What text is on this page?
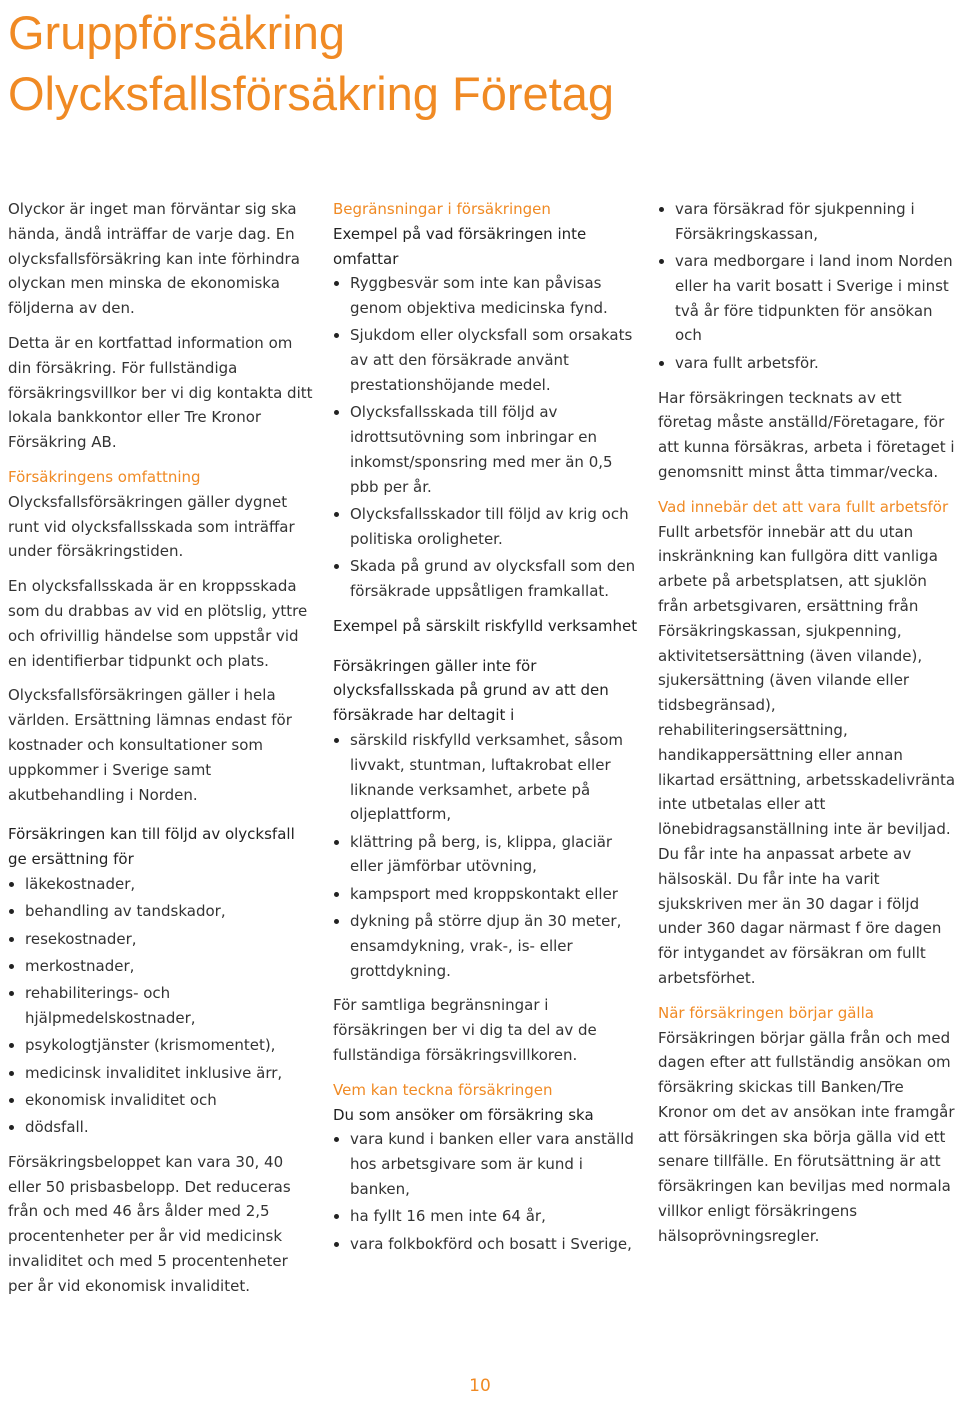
Gruppförsäkring
Olycksfallsförsäkring Företag

Olyckor är inget man förväntar sig ska hända, ändå inträffar de varje dag. En olycksfallsförsäkring kan inte förhindra olyckan men minska de ekonomiska följderna av den.

Detta är en kortfattad information om din försäkring. För fullständiga försäkringsvillkor ber vi dig kontakta ditt lokala bankkontor eller Tre Kronor Försäkring AB.

Försäkringens omfattning
Olycksfallsförsäkringen gäller dygnet runt vid olycksfallsskada som inträffar under försäkringstiden.

En olycksfallsskada är en kroppsskada som du drabbas av vid en plötslig, yttre och ofrivillig händelse som uppstår vid en identifierbar tidpunkt och plats.

Olycksfallsförsäkringen gäller i hela världen. Ersättning lämnas endast för kostnader och konsultationer som uppkommer i Sverige samt akutbehandling i Norden.

Försäkringen kan till följd av olycksfall ge ersättning för

läkekostnader,
behandling av tandskador,
resekostnader,
merkostnader,
rehabiliterings- och hjälpmedelskostnader,
psykologtjänster (krismomentet),
medicinsk invaliditet inklusive ärr,
ekonomisk invaliditet och
dödsfall.

Försäkringsbeloppet kan vara 30, 40 eller 50 prisbasbelopp. Det reduceras från och med 46 års ålder med 2,5 procentenheter per år vid medicinsk invaliditet och med 5 procentenheter per år vid ekonomisk invaliditet.

Begränsningar i försäkringen
Exempel på vad försäkringen inte omfattar

Ryggbesvär som inte kan påvisas genom objektiva medicinska fynd.
Sjukdom eller olycksfall som orsakats av att den försäkrade använt prestationshöjande medel.
Olycksfallsskada till följd av idrottsutövning som inbringar en inkomst/sponsring med mer än 0,5 pbb per år.
Olycksfallsskador till följd av krig och politiska oroligheter.
Skada på grund av olycksfall som den försäkrade uppsåtligen framkallat.

Exempel på särskilt riskfylld verksamhet

Försäkringen gäller inte för olycksfallsskada på grund av att den försäkrade har deltagit i

särskild riskfylld verksamhet, såsom livvakt, stuntman, luftakrobat eller liknande verksamhet, arbete på oljeplattform,
klättring på berg, is, klippa, glaciär eller jämförbar utövning,
kampsport med kroppskontakt eller
dykning på större djup än 30 meter, ensamdykning, vrak-, is- eller grottdykning.

För samtliga begränsningar i försäkringen ber vi dig ta del av de fullständiga försäkringsvillkoren.

Vem kan teckna försäkringen
Du som ansöker om försäkring ska

vara kund i banken eller vara anställd hos arbetsgivare som är kund i banken,
ha fyllt 16 men inte 64 år,
vara folkbokförd och bosatt i Sverige,
vara försäkrad för sjukpenning i Försäkringskassan,
vara medborgare i land inom Norden eller ha varit bosatt i Sverige i minst två år före tidpunkten för ansökan och
vara fullt arbetsför.

Har försäkringen tecknats av ett företag måste anställd/Företagare, för att kunna försäkras, arbeta i företaget i genomsnitt minst åtta timmar/vecka.

Vad innebär det att vara fullt arbetsför
Fullt arbetsför innebär att du utan inskränkning kan fullgöra ditt vanliga arbete på arbetsplatsen, att sjuklön från arbetsgivaren, ersättning från Försäkringskassan, sjukpenning, aktivitetsersättning (även vilande), sjukersättning (även vilande eller tidsbegränsad), rehabiliteringsersättning, handikappersättning eller annan likartad ersättning, arbetsskadelivränta inte utbetalas eller att lönebidragsanställning inte är beviljad. Du får inte ha anpassat arbete av hälsoskäl. Du får inte ha varit sjukskriven mer än 30 dagar i följd under 360 dagar närmast f öre dagen för intygandet av försäkran om fullt arbetsförhet.

När försäkringen börjar gälla
Försäkringen börjar gälla från och med dagen efter att fullständig ansökan om försäkring skickas till Banken/Tre Kronor om det av ansökan inte framgår att försäkringen ska börja gälla vid ett senare tillfälle. En förutsättning är att försäkringen kan beviljas med normala villkor enligt försäkringens hälsoprövningsregler.

10
